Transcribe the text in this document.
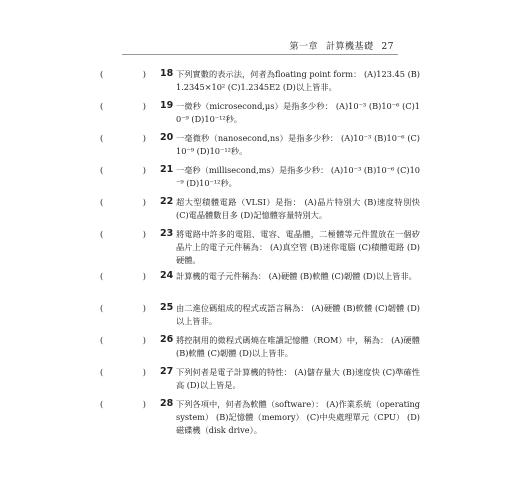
第一章 計算機基礎 27
(	) 18 下列實數的表示法，何者為floating point form： (A)123.45 (B)1.2345×10² (C)1.2345E2 (D)以上皆非。
(	) 19 一微秒（microsecond,μs）是指多少秒： (A)10⁻³ (B)10⁻⁶ (C)10⁻⁹ (D)10⁻¹²秒。
(	) 20 一毫微秒（nanosecond,ns）是指多少秒： (A)10⁻³ (B)10⁻⁶ (C)10⁻⁹ (D)10⁻¹²秒。
(	) 21 一毫秒（millisecond,ms）是指多少秒： (A)10⁻³ (B)10⁻⁶ (C)10⁻⁹ (D)10⁻¹²秒。
(	) 22 超大型積體電路（VLSI）是指： (A)晶片特別大 (B)速度特別快 (C)電晶體數目多 (D)記憶體容量特別大。
(	) 23 將電路中許多的電阻、電容、電晶體，二極體等元件置放在一個矽晶片上的電子元件稱為： (A)真空管 (B)迷你電腦 (C)積體電路 (D)硬體。
(	) 24 計算機的電子元件稱為： (A)硬體 (B)軟體 (C)韌體 (D)以上皆非。
(	) 25 由二進位碼組成的程式或語言稱為： (A)硬體 (B)軟體 (C)韌體 (D)以上皆非。
(	) 26 將控制用的微程式碼燒在唯讀記憶體（ROM）中，稱為： (A)硬體 (B)軟體 (C)韌體 (D)以上皆非。
(	) 27 下列何者是電子計算機的特性： (A)儲存量大 (B)速度快 (C)準確性高 (D)以上皆是。
(	) 28 下列各項中，何者為軟體（software）： (A)作業系統（operating system） (B)記憶體（memory） (C)中央處理單元（CPU） (D)磁碟機（disk drive）。
